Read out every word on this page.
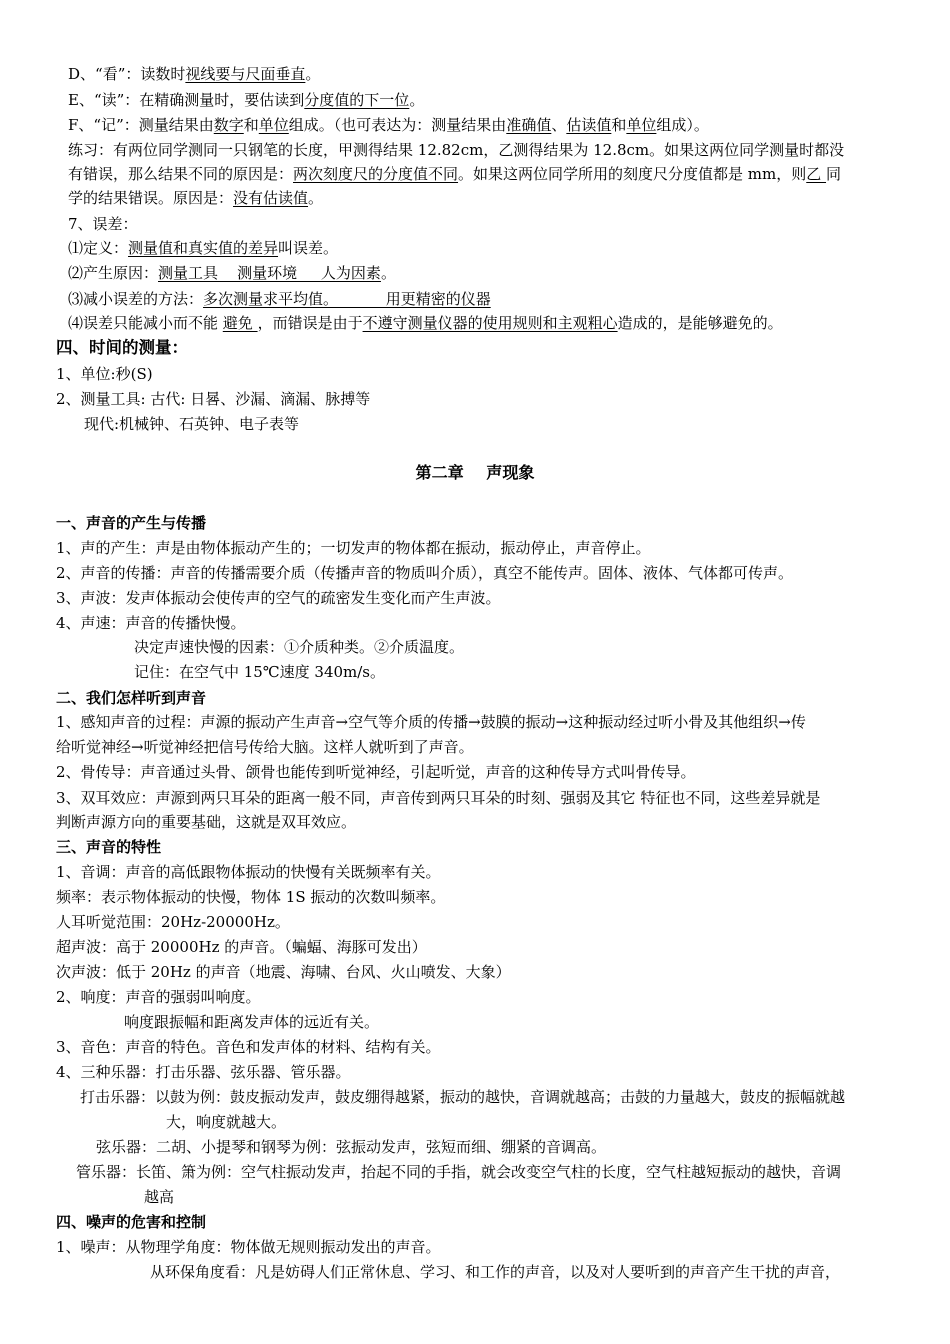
D、“看”：读数时视线要与尺面垂直。
E、“读”：在精确测量时，要估读到分度值的下一位。
F、“记”：测量结果由数字和单位组成。（也可表达为：测量结果由准确值、估读值和单位组成）。
练习：有两位同学测同一只钢笔的长度，甲测得结果 12.82cm，乙测得结果为 12.8cm。如果这两位同学测量时都没
有错误，那么结果不同的原因是：两次刻度尺的分度值不同。如果这两位同学所用的刻度尺分度值都是 mm，则乙 同
学的结果错误。原因是：没有估读值。
7、误差：
⑴定义：测量值和真实值的差异叫误差。
⑵产生原因：测量工具    测量环境     人为因素。
⑶减小误差的方法：多次测量求平均值。          用更精密的仪器
⑷误差只能减小而不能 避免 ，而错误是由于不遵守测量仪器的使用规则和主观粗心造成的，是能够避免的。
四、时间的测量：
1、单位:秒(S)
2、测量工具: 古代: 日晷、沙漏、滴漏、脉搏等
现代:机械钟、石英钟、电子表等
第二章    声现象
一、声音的产生与传播
1、声的产生：声是由物体振动产生的；一切发声的物体都在振动，振动停止，声音停止。
2、声音的传播：声音的传播需要介质（传播声音的物质叫介质），真空不能传声。固体、液体、气体都可传声。
3、声波：发声体振动会使传声的空气的疏密发生变化而产生声波。
4、声速：声音的传播快慢。
决定声速快慢的因素：①介质种类。②介质温度。
记住：在空气中 15℃速度 340m/s。
二、我们怎样听到声音
1、感知声音的过程：声源的振动产生声音→空气等介质的传播→鼓膜的振动→这种振动经过听小骨及其他组织→传
给听觉神经→听觉神经把信号传给大脑。这样人就听到了声音。
2、骨传导：声音通过头骨、颌骨也能传到听觉神经，引起听觉，声音的这种传导方式叫骨传导。
3、双耳效应：声源到两只耳朵的距离一般不同，声音传到两只耳朵的时刻、强弱及其它 特征也不同，这些差异就是
判断声源方向的重要基础，这就是双耳效应。
三、声音的特性
1、音调：声音的高低跟物体振动的快慢有关既频率有关。
频率：表示物体振动的快慢，物体 1S 振动的次数叫频率。
人耳听觉范围：20Hz-20000Hz。
超声波：高于 20000Hz 的声音。（蝙蝠、海豚可发出）
次声波：低于 20Hz 的声音（地震、海啸、台风、火山喷发、大象）
2、响度：声音的强弱叫响度。
响度跟振幅和距离发声体的远近有关。
3、音色：声音的特色。音色和发声体的材料、结构有关。
4、三种乐器：打击乐器、弦乐器、管乐器。
打击乐器：以鼓为例：鼓皮振动发声，鼓皮绷得越紧，振动的越快，音调就越高；击鼓的力量越大，鼓皮的振幅就越
大，响度就越大。
弦乐器：二胡、小提琴和钢琴为例：弦振动发声，弦短而细、绷紧的音调高。
管乐器：长笛、箫为例：空气柱振动发声，抬起不同的手指，就会改变空气柱的长度，空气柱越短振动的越快，音调
越高
四、噪声的危害和控制
1、噪声：从物理学角度：物体做无规则振动发出的声音。
从环保角度看：凡是妨碍人们正常休息、学习、和工作的声音，以及对人要听到的声音产生干扰的声音，
